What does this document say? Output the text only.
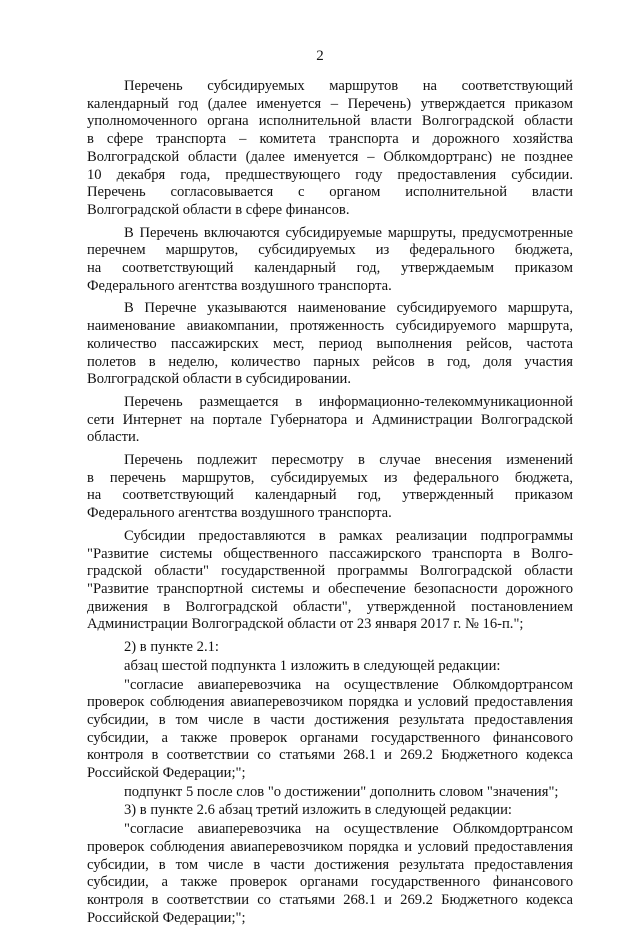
2
Перечень субсидируемых маршрутов на соответствующий
календарный год (далее именуется – Перечень) утверждается приказом
уполномоченного органа исполнительной власти Волгоградской области
в сфере транспорта – комитета транспорта и дорожного хозяйства
Волгоградской области (далее именуется – Облкомдортранс) не позднее
10 декабря года, предшествующего году предоставления субсидии.
Перечень согласовывается с органом исполнительной власти
Волгоградской области в сфере финансов.
В Перечень включаются субсидируемые маршруты, предусмотренные
перечнем маршрутов, субсидируемых из федерального бюджета,
на соответствующий календарный год, утверждаемым приказом
Федерального агентства воздушного транспорта.
В Перечне указываются наименование субсидируемого маршрута,
наименование авиакомпании, протяженность субсидируемого маршрута,
количество пассажирских мест, период выполнения рейсов, частота
полетов в неделю, количество парных рейсов в год, доля участия
Волгоградской области в субсидировании.
Перечень размещается в информационно-телекоммуникационной
сети Интернет на портале Губернатора и Администрации Волгоградской
области.
Перечень подлежит пересмотру в случае внесения изменений
в перечень маршрутов, субсидируемых из федерального бюджета,
на соответствующий календарный год, утвержденный приказом
Федерального агентства воздушного транспорта.
Субсидии предоставляются в рамках реализации подпрограммы
"Развитие системы общественного пассажирского транспорта в Волго-
градской области" государственной программы Волгоградской области
"Развитие транспортной системы и обеспечение безопасности дорожного
движения в Волгоградской области", утвержденной постановлением
Администрации Волгоградской области от 23 января 2017 г. № 16-п.";
2) в пункте 2.1:
абзац шестой подпункта 1 изложить в следующей редакции:
"согласие авиаперевозчика на осуществление Облкомдортрансом
проверок соблюдения авиаперевозчиком порядка и условий предоставления
субсидии, в том числе в части достижения результата предоставления
субсидии, а также проверок органами государственного финансового
контроля в соответствии со статьями 268.1 и 269.2 Бюджетного кодекса
Российской Федерации;";
подпункт 5 после слов "о достижении" дополнить словом "значения";
3) в пункте 2.6 абзац третий изложить в следующей редакции:
"согласие авиаперевозчика на осуществление Облкомдортрансом
проверок соблюдения авиаперевозчиком порядка и условий предоставления
субсидии, в том числе в части достижения результата предоставления
субсидии, а также проверок органами государственного финансового
контроля в соответствии со статьями 268.1 и 269.2 Бюджетного кодекса
Российской Федерации;";
